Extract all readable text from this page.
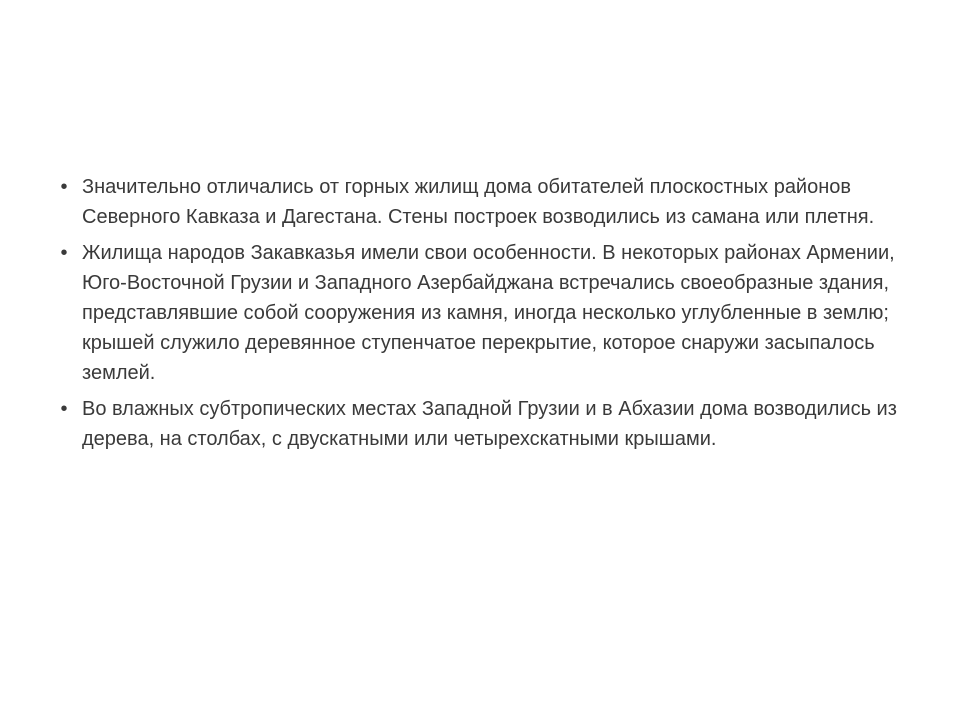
• Значительно отличались от горных жилищ дома обитателей плоскостных районов Северного Кавказа и Дагестана. Стены построек возводились из самана или плетня.
• Жилища народов Закавказья имели свои особенности. В некоторых районах Армении, Юго-Восточной Грузии и Западного Азербайджана встречались своеобразные здания, представлявшие собой сооружения из камня, иногда несколько углубленные в землю; крышей служило деревянное ступенчатое перекрытие, которое снаружи засыпалось землей.
• Во влажных субтропических местах Западной Грузии и в Абхазии дома возводились из дерева, на столбах, с двускатными или четырехскатными крышами.
